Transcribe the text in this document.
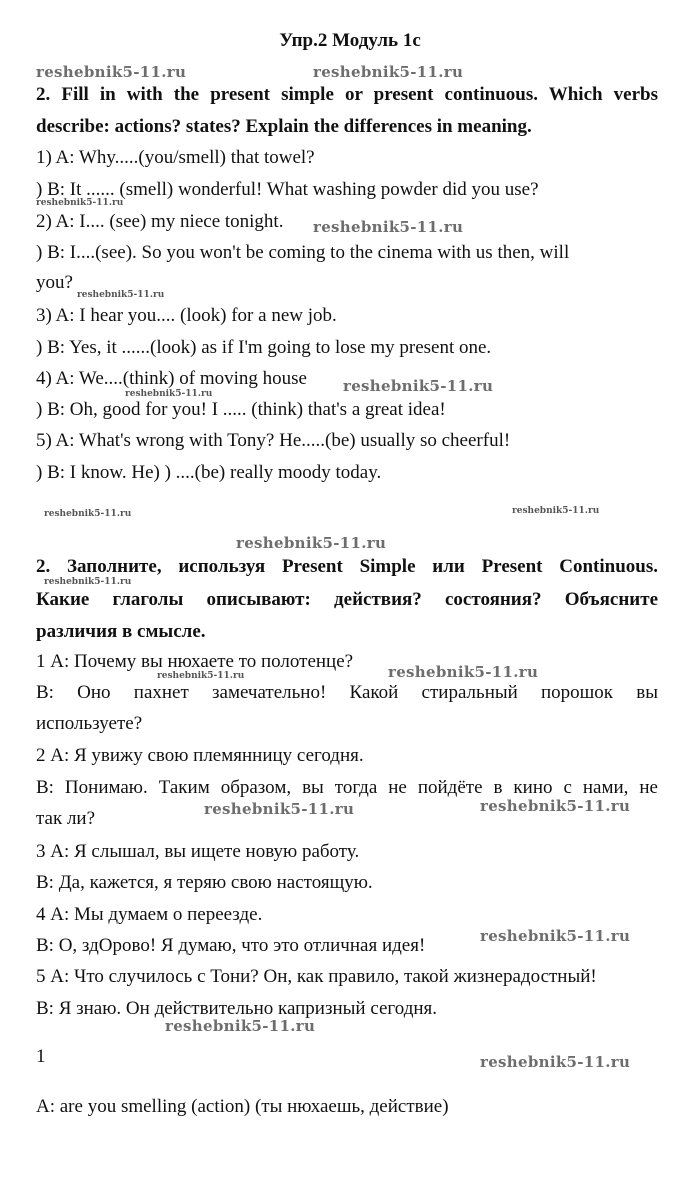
Упр.2 Модуль 1с
2. Fill in with the present simple or present continuous. Which verbs
describe: actions? states? Explain the differences in meaning.
1) A: Why.....(you/smell) that towel?
) B: It ...... (smell) wonderful! What washing powder did you use?
2) A: I.... (see) my niece tonight.
) B: I....(see). So you won't be coming to the cinema with us then, will
you?
3) A: I hear you.... (look) for a new job.
) B: Yes, it ......(look) as if I'm going to lose my present one.
4) A: We....(think) of moving house
) B: Oh, good for you! I ..... (think) that's a great idea!
5) A: What's wrong with Tony? He.....(be) usually so cheerful!
) B: I know. He) ) ....(be) really moody today.
2. Заполните, используя Present Simple или Present Continuous.
Какие глаголы описывают: действия? состояния? Объясните
различия в смысле.
1 А: Почему вы нюхаете то полотенце?
В: Оно пахнет замечательно! Какой стиральный порошок вы
используете?
2 А: Я увижу свою племянницу сегодня.
В: Понимаю. Таким образом, вы тогда не пойдёте в кино с нами, не
так ли?
3 А: Я слышал, вы ищете новую работу.
В: Да, кажется, я теряю свою настоящую.
4 А: Мы думаем о переезде.
В: О, здОрово! Я думаю, что это отличная идея!
5 А: Что случилось с Тони? Он, как правило, такой жизнерадостный!
В: Я знаю. Он действительно капризный сегодня.
1
A: are you smelling (action) (ты нюхаешь, действие)
reshebnik5-11.ru	reshebnik5-11.ru
reshebnik5-11.ru
reshebnik5-11.ru
reshebnik5-11.ru
reshebnik5-11.ru	reshebnik5-11.ru
reshebnik5-11.ru	reshebnik5-11.ru
reshebnik5-11.ru
reshebnik5-11.ru
reshebnik5-11.ru
reshebnik5-11.ru
reshebnik5-11.ru	reshebnik5-11.ru
reshebnik5-11.ru
reshebnik5-11.ru
reshebnik5-11.ru
